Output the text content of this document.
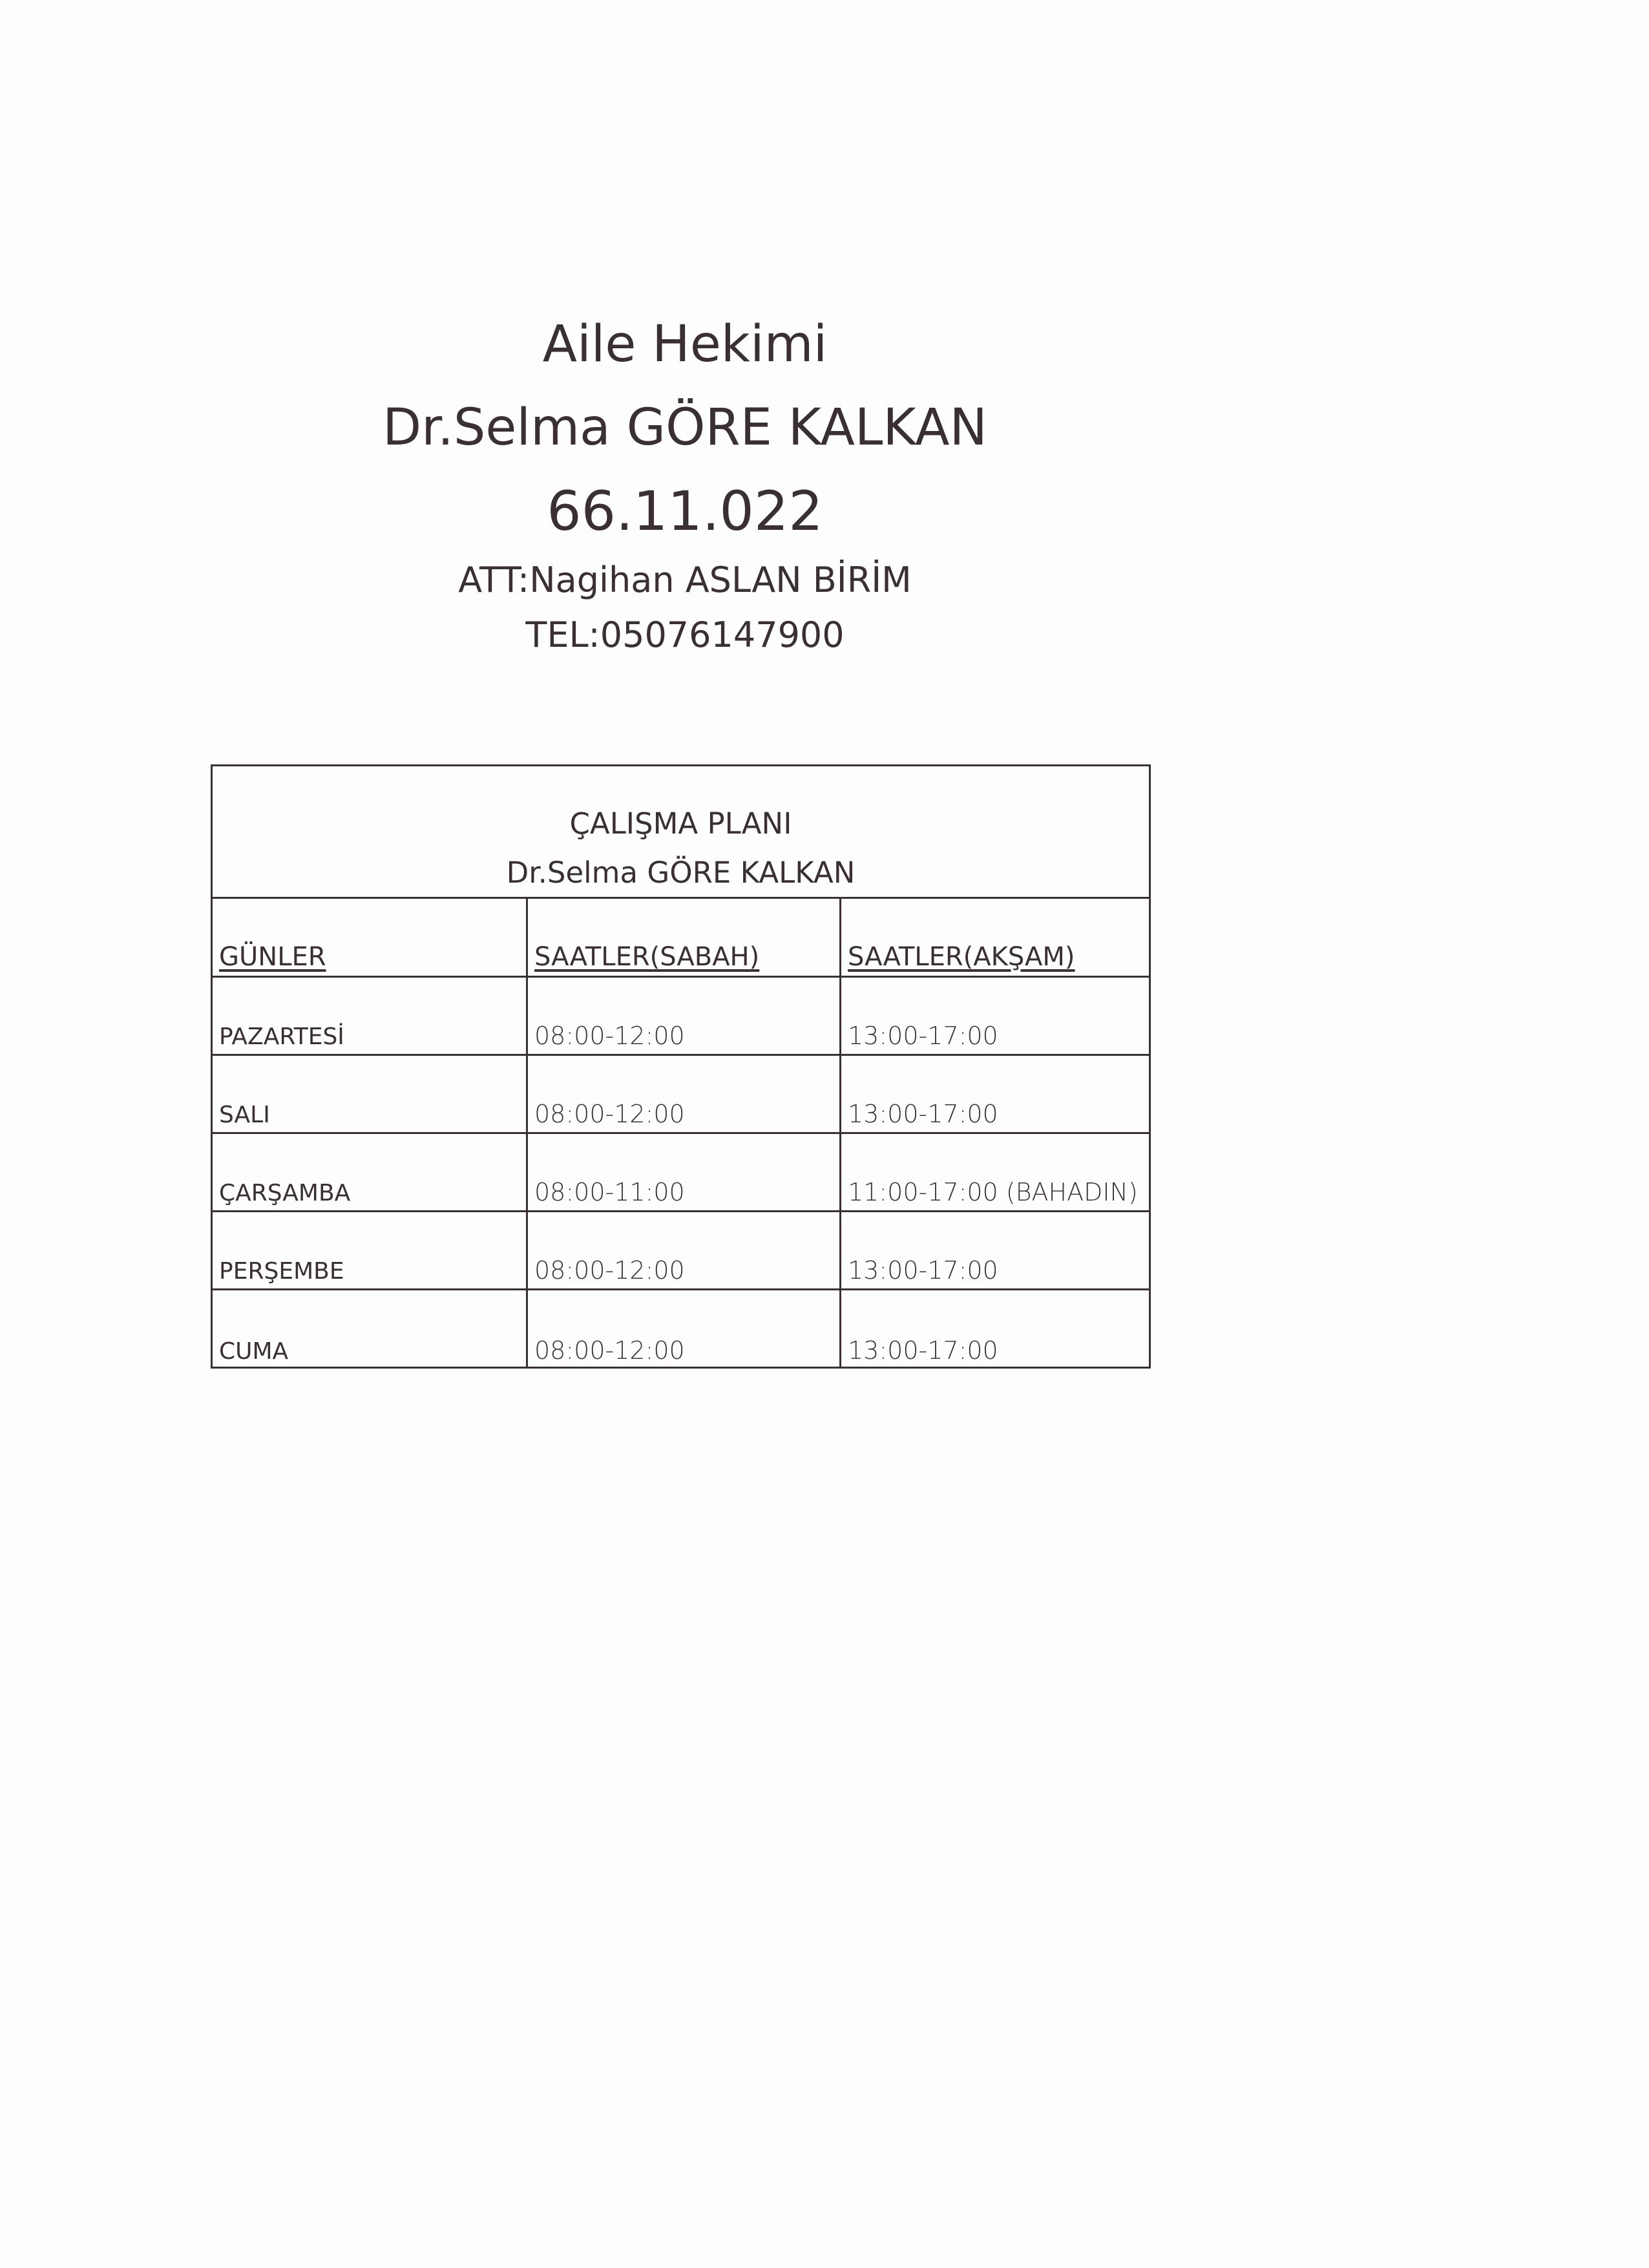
Aile Hekimi
Dr.Selma GÖRE KALKAN
66.11.022
ATT:Nagihan ASLAN BİRİM
TEL:05076147900
ÇALIŞMA PLANI
Dr.Selma GÖRE KALKAN
GÜNLER	SAATLER(SABAH)	SAATLER(AKŞAM)
PAZARTESİ	08:00-12:00	13:00-17:00
SALI	08:00-12:00	13:00-17:00
ÇARŞAMBA	08:00-11:00	11:00-17:00 (BAHADIN)
PERŞEMBE	08:00-12:00	13:00-17:00
CUMA	08:00-12:00	13:00-17:00
